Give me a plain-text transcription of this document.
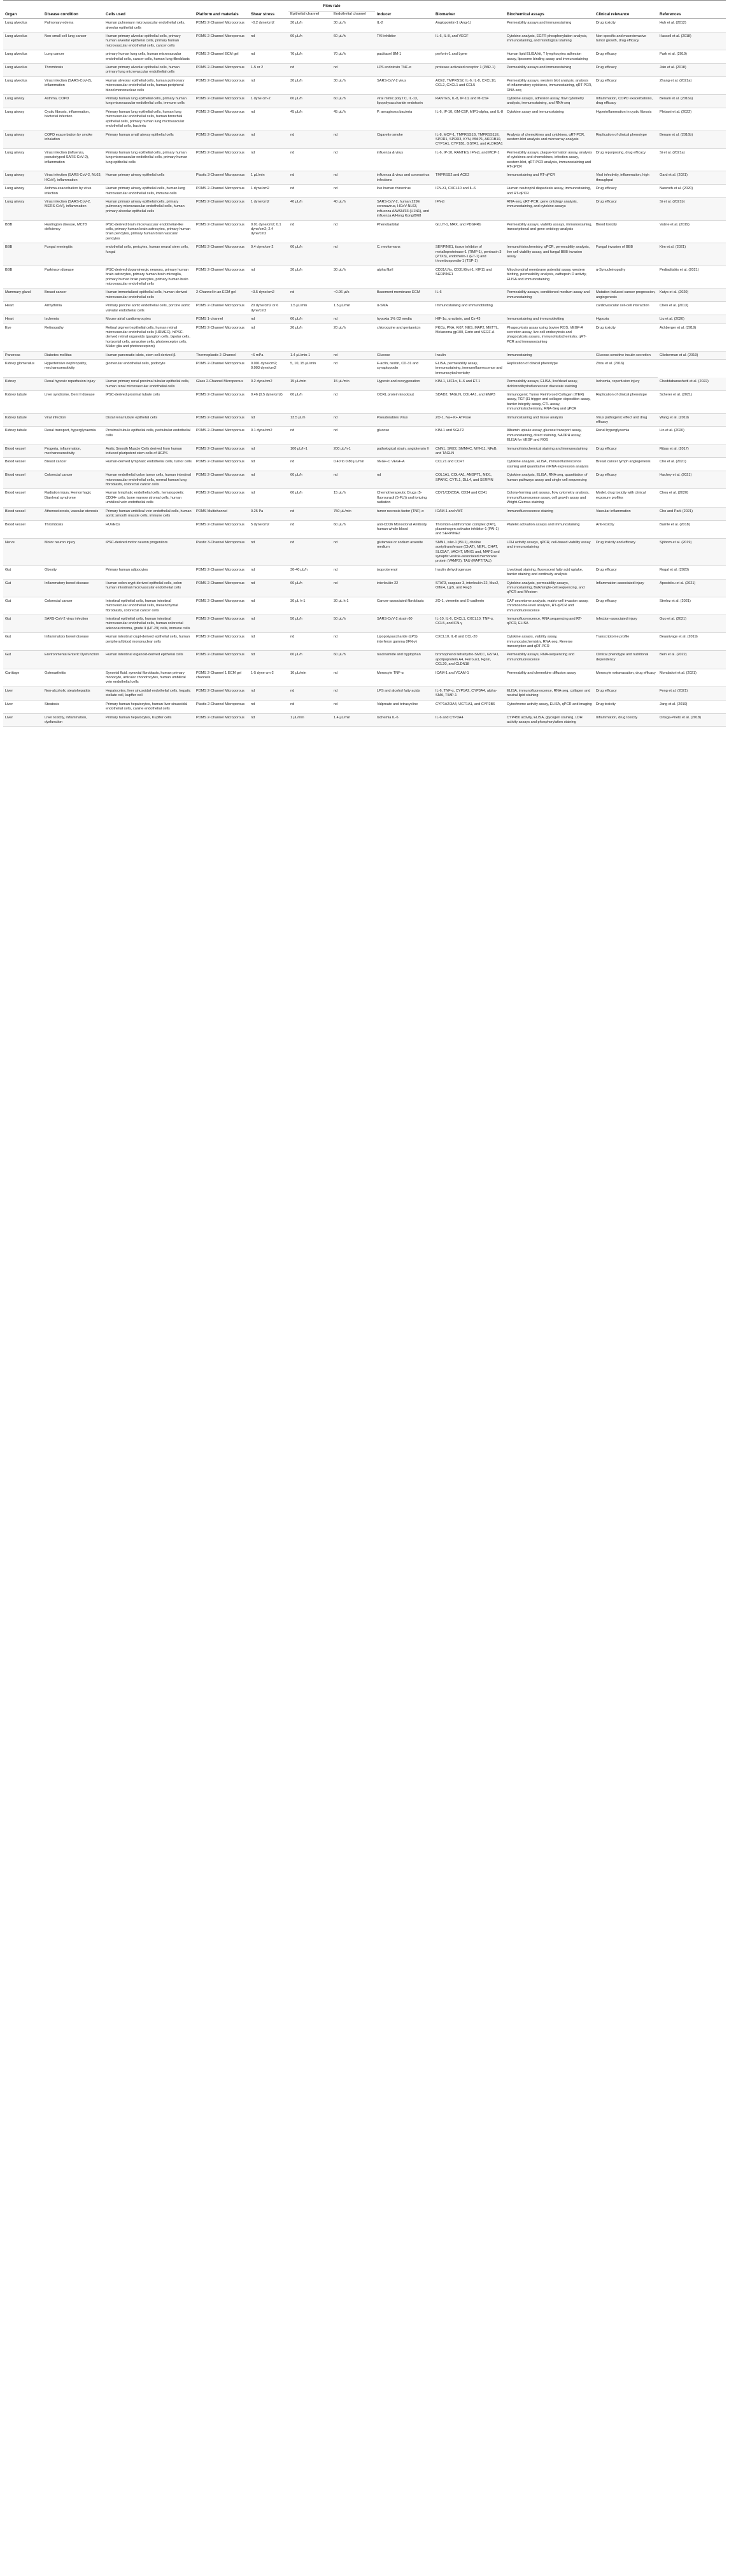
Organ	Disease condition	Cells used	Platform and materials	Shear stress	Flow rate		Inducer	Biomarker	Biochemical assays	Clinical relevance	References
					Epithelial channel	Endothelial channel					
Lung alveolus	Pulmonary edema	Human pulmonary microvascular endothelial cells, alveolar epithelial cells	PDMS 2-Channel Microporous	~0.2 dyne/cm2	30 μL/h	30 μL/h	IL-2	Angiopoietin-1 (Ang-1)	Permeability assays and immunostaining	Drug toxicity	Huh et al. (2012)
Lung alveolus	Non-small cell lung cancer	Human primary alveolar epithelial cells, primary human alveolar epithelial cells, primary human microvascular endothelial cells, cancer cells	PDMS 2-Channel Microporous	nd	60 μL/h	60 μL/h	TKI inhibitor	IL-6, IL-8, and VEGF	Cytokine analysis, EGFR phosphorylation analysis, immunostaining, and histological staining	Non-specific and macroinvasive tumor growth, drug efficacy	Hassell et al. (2018)
Lung alveolus	Lung cancer	primary human lung cells, human microvascular endothelial cells, cancer cells, human lung fibroblasts	PDMS 2-Channel ECM gel	nd	70 μL/h	70 μL/h	paclitaxel BM-1	perforin-1 and Lyme	Human lipid ELISA kit, T lymphocytes adhesion assay, liposome binding assay and immunostaining	Drug efficacy	Park et al. (2019)
Lung alveolus	Thrombosis	Human primary alveolar epithelial cells, human primary lung microvascular endothelial cells	PDMS 2-Channel Microporous	1-5 or 2	nd	nd	LPS endotoxin TNF-α	protease activated receptor 1 (PAR-1)	Permeability assays and immunostaining	Drug efficacy	Jain et al. (2018)
Lung alveolus	Virus infection (SARS-CoV-2), inflammation	Human alveolar epithelial cells, human pulmonary microvascular endothelial cells, human peripheral blood mononuclear cells	PDMS 2-Channel Microporous	nd	30 μL/h	30 μL/h	SARS-CoV-2 virus	ACE2, TMPRSS2, IL-6, IL-8, CXCL10, CCL2, CXCL1 and CCL5	Permeability assays, western blot analysis, analysis of inflammatory cytokines, immunostaining, qRT-PCR, RNA-seq	Drug efficacy	Zhang et al. (2021a)
Lung airway	Asthma, COPD	Primary human lung epithelial cells, primary human lung microvascular endothelial cells, immune cells	PDMS 2-Channel Microporous	1 dyne cm-2	60 μL/h	60 μL/h	viral mimic poly I:C, IL-13, lipopolysaccharide endotoxin	RANTES, IL-8, IP-10, and M-CSF	Cytokine assays, adhesion assay, flow cytometry analysis, immunostaining, and RNA-seq	Inflammation, COPD exacerbations, drug efficacy	Benam et al. (2016a)
Lung airway	Cystic fibrosis, inflammation, bacterial infection	Primary human lung epithelial cells, human lung microvascular endothelial cells, human bronchial epithelial cells, primary human lung microvascular endothelial cells, bacteria	PDMS 2-Channel Microporous	nd	45 μL/h	45 μL/h	P. aeruginosa bacteria	IL-6, IP-10, GM-CSF, MIP1-alpha, and IL-8	Cytokine assay and immunostaining	Hyperinflammation in cystic fibrosis	Plebani et al. (2022)
Lung airway	COPD exacerbation by smoke inhalation	Primary human small airway epithelial cells	PDMS 2-Channel Microporous	nd	nd	nd	Cigarette smoke	IL-8, MCP-1, TMPRSS1B, TMPRSS11E, SPRR1, SPRR3, KYN, MMP1, AKR1B10, CYP1A1, CYP1B1, GSTA1, and ALDH3A1	Analysis of chemokines and cytokines, qRT-PCR, western blot analysis and microarray analysis	Replication of clinical phenotype	Benam et al. (2016b)
Lung airway	Virus infection (influenza, pseudotyped SARS-CoV-2), inflammation	Primary human lung epithelial cells, primary human lung microvascular endothelial cells, primary human lung epithelial cells	PDMS 2-Channel Microporous	nd	nd	nd	influenza & virus	IL-6, IP-10, RANTES, IFN-β, and MCP-1	Permeability assays, plaque-formation assay, analysis of cytokines and chemokines, infection assay, western blot, qRT-PCR analysis, immunostaining and RT-qPCR	Drug repurposing, drug efficacy	Si et al. (2021a)
Lung airway	Virus infection (SARS-CoV-2, NL63, HCoV), inflammation	Human primary airway epithelial cells	Plastic 3-Channel Microporous	1 μL/min	nd	nd	influenza & virus and coronavirus infections	TMPRSS2 and ACE2	Immunostaining and RT-qPCR	Viral infectivity, inflammation, high throughput	Gard et al. (2021)
Lung airway	Asthma exacerbation by virus infection	Human primary airway epithelial cells, human lung microvascular endothelial cells, immune cells	PDMS 2-Channel Microporous	1 dyne/cm2	nd	nd	live human rhinovirus	IFN-λ1, CXCL10 and IL-6	Human neutrophil diapedesis assay, immunostaining, and RT-qPCR	Drug efficacy	Nawroth et al. (2020)
Lung airway	Virus infection (SARS-CoV-2, MERS-CoV), inflammation	Human primary airway epithelial cells, primary pulmonary microvascular endothelial cells, human primary alveolar epithelial cells	PDMS 2-Channel Microporous	1 dyne/cm2	40 μL/h	40 μL/h	SARS-CoV-2, human 229E coronavirus, HCoV-NL63, influenza A/WSN/33 (H1N1), and influenza A/Hong Kong/8/68	IFN-β	RNA-seq, qRT-PCR, gene ontology analysis, immunostaining, and cytokine assays	Drug efficacy	Si et al. (2021b)
BBB	Huntington disease, MCT8 deficiency	iPSC-derived brain microvascular endothelial-like cells, primary human brain astrocytes, primary human brain pericytes, primary human brain vascular pericytes	PDMS 2-Channel Microporous	0.01 dyne/cm2; 0.1 dyne/cm2; 2.4 dyne/cm2	nd	nd	Phenobarbital	GLUT-1, MAX, and PDGFRb	Permeability assays, viability assays, immunostaining, transcriptional and gene ontology analysis	Blood toxicity	Vatine et al. (2019)
BBB	Fungal meningitis	endothelial cells, pericytes, human neural stem cells, fungal	PDMS 2-Channel Microporous	0.4 dyne/cm-2	60 μL/h	nd	C. neoformans	SERPINE1, tissue inhibitor of metalloproteinase-1 (TIMP-1), pentraxin 3 (PTX3), endothelin-1 (ET-1) and thrombospondin-1 (TSP-1)	Immunohistochemistry, qPCR, permeability analysis, live cell viability assay, and fungal BBB invasion assay	Fungal invasion of BBB	Kim et al. (2021)
BBB	Parkinson disease	iPSC-derived dopaminergic neurons, primary human brain astrocytes, primary human brain microglia, primary human brain pericytes, primary human brain microvascular endothelial cells	PDMS 2-Channel Microporous	nd	30 μL/h	30 μL/h	alpha fibril	CD31/LNs, CD31/Glut-1, KIF11 and SERPINE1	Mitochondrial membrane potential assay, western blotting, permeability analysis, cathepsin D activity, ELISA and immunostaining	α-Synucleinopathy	Pediaditakis et al. (2021)
Mammary gland	Breast cancer	Human immortalized epithelial cells, human-derived microvascular endothelial cells	2-Channel in an ECM gel	~3.5 dyne/cm2	nd	~0.06 μl/s	Basement membrane ECM	IL-6	Permeability assays, conditioned medium assay and immunostaining	Mutation-induced cancer progression, angiogenesis	Kutys et al. (2020)
Heart	Arrhythmia	Primary porcine aortic endothelial cells, porcine aortic valvular endothelial cells	PDMS 2-Channel Microporous	20 dyne/cm2 or 6 dyne/cm2	1.5 μL/min	1.5 μL/min	α-SMA	Immunostaining and immunoblotting		cardiovascular cell-cell interaction	Chen et al. (2013)
Heart	Ischemia	Mouse atrial cardiomyocytes	PDMS 1-channel	nd	60 μL/h	nd	hypoxia 1% O2 media	HIF-1α, α-actinin, and Cx-43	Immunostaining and immunoblotting	Hypoxia	Liu et al. (2020)
Eye	Retinopathy	Retinal pigment epithelial cells, human retinal microvascular endothelial cells (HRMEC), hiPSC-derived retinal organoids (ganglion cells, bipolar cells, horizontal cells, amacrine cells, photoreceptor cells, Müller glia and photoreceptors)	PDMS 2-Channel Microporous	nd	20 μL/h	20 μL/h	chloroquine and gentamicin	PKCα, PNA, Ki67, NES, MAP2, METTL, Melanoma gp100, Ezrin and VEGF-A	Phagocytosis assay using bovine ROS, VEGF-A secretion assay, live cell endocytosis and phagocytosis assays, immunohistochemistry, qRT-PCR and immunostaining	Drug toxicity	Achberger et al. (2019)
Pancreas	Diabetes mellitus	Human pancreatic islets, stem cell derived β	Thermoplastic 2-Channel	~6 mPa	1.4 μL/min-1	nd	Glucose	Insulin	Immunostaining	Glucose-sensitive insulin secretion	Glieberman et al. (2019)
Kidney glomerulus	Hypertensive nephropathy, mechanosensitivity	glomerular endothelial cells, podocyte	PDMS 2-Channel Microporous	0.001 dyne/cm2; 0.003 dyne/cm2	5, 10, 15 μL/min	nd	F-actin, nestin, CD-31 and synaptopodin	ELISA, permeability assay, immunostaining, immunofluorescence and immunocytochemistry	Replication of clinical phenotype	Zhou et al. (2016)	
Kidney	Renal hypoxic reperfusion injury	Human primary renal proximal tubular epithelial cells, human renal microvascular endothelial cells	Glass 2-Channel Microporous	0.2 dyne/cm2	15 μL/min	15 μL/min	Hypoxic and reoxygenation	KIM-1, HIF1α, IL-6 and ET-1	Permeability assays, ELISA, live/dead assay, dichlorodihydrofluorescein diacetate staining	Ischemia, reperfusion injury	Cheddabanushetti et al. (2022)
Kidney tubule	Liver syndrome, Dent II disease	iPSC-derived proximal tubule cells	PDMS 2-Channel Microporous	0.46 (0.5 dyne/cm2)	60 μL/h	nd	OCRL protein knockout	SDAD2, TAGLN, COL4A1, and EMP3	Immunogenic Tumor Reinforced Collagen (ITER) assay, TGF-β1 trigger and collagen deposition assay, barrier integrity assay, CTL assay, immunohistochemistry, RNA-Seq and qPCR	Replication of clinical phenotype	Scherer et al. (2021)
Kidney tubule	Viral infection	Distal renal tubule epithelial cells	PDMS 2-Channel Microporous	nd	13.5 μL/h	nd	Pseudorabies Virus	ZO-1, Na+-K+ ATPase	Immunostaining and tissue analysis	Virus pathogenic effect and drug efficacy	Wang et al. (2019)
Kidney tubule	Renal transport, hyperglycaemia	Proximal tubule epithelial cells, peritubular endothelial cells	PDMS 2-Channel Microporous	0.1 dyne/cm2	nd	nd	glucose	KIM-1 and SGLT2	Albumin uptake assay, glucose transport assay, immunostaining, direct staining, NADPH assay, ELISA for VEGF and ROS	Renal hyperglycemia	Lin et al. (2020)
Blood vessel	Progeria, inflammation, mechanosensitivity	Aortic Smooth Muscle Cells derived from human induced pluripotent stem cells of HGPS	PDMS 2-Channel Microporous	nd	100 μL/h-1	200 μL/h-1	pathological strain, angiotensin II	CNN1, SM22, SMMHC, MYH11, NFκB, and TAGLN	Immunohistochemical staining and immunostaining	Drug efficacy	Ribas et al. (2017)
Blood vessel	Breast cancer	Human-derived lymphatic endothelial cells, tumor cells	PDMS 2-Channel Microporous	nd	nd	0.40 to 0.80 μL/min	VEGF-C VEGF-A	CCL21 and CCR7	Cytokine analysis, ELISA, immunofluorescence staining and quantitative mRNA expression analysis	Breast cancer lymph angiogenesis	Cho et al. (2021)
Blood vessel	Colorectal cancer	Human endothelial colon tumor cells, human intestinal microvascular endothelial cells, normal human lung fibroblasts, colorectal cancer cells	PDMS 2-Channel Microporous	nd	60 μL/h	nd	nd	COL1A1, COL4A1, ANGPT1, NID1, SPARC, CYTL1, DLL4, and SERPIN	Cytokine analysis, ELISA, RNA-seq, quantitation of human pathways assay and single cell sequencing	Drug efficacy	Hachey et al. (2021)
Blood vessel	Radiation injury, Hemorrhagic Diarrheal syndrome	Human lymphatic endothelial cells, hematopoietic CD34+ cells, bone marrow stromal cells, human umbilical vein endothelial cells	PDMS 2-Channel Microporous	nd	60 μL/h	15 μL/h	Chemotherapeutic Drugs (5-fluorouracil (5-FU)) and ionizing radiation	CD71/CD235A, CD34 and CD41	Colony-forming unit assays, flow cytometry analysis, immunofluorescence assay, cell growth assay and Wright-Giemsa staining	Model, drug toxicity with clinical exposure profiles	Chou et al. (2020)
Blood vessel	Atherosclerosis, vascular stenosis	Primary human umbilical vein endothelial cells, human aortic smooth muscle cells, immune cells	PDMS Multichannel	0.25 Pa	nd	750 μL/min	tumor necrosis factor (TNF)-α	ICAM-1 and vWF	Immunofluorescence staining	Vascular inflammation	Cho and Park (2021)
Blood vessel	Thrombosis	HUVECs	PDMS 2-Channel Microporous	5 dyne/cm2	nd	60 μL/h	anti-CD36 Monoclonal Antibody human whole blood	Thrombin-antithrombin complex (TAT), plasminogen activator inhibitor-1 (PAI-1) and SERPINE2	Platelet activation assays and immunostaining	Anti-toxicity	Barrile et al. (2018)
Nerve	Motor neuron injury	iPSC-derived motor neuron progenitors	Plastic 3-Channel Microporous	nd	nd	nd	glutamate or sodium arsenite medium	SMN1, islet-1 (ISL1), choline acetyltransferase (ChAT), NEFL, CHAT, SLC5A7, VACHT, MNX1 and, MAP2 and synaptic vesicle-associated membrane protein (VAMP2), TAU (MAPT/TAU)	LDH activity assays, qPCR, cell-based viability assay and immunostaining	Drug toxicity and efficacy	Sjöbom et al. (2019)
Gut	Obesity	Primary human adipocytes	PDMS 2-Channel Microporous	nd	30-40 μL/h	nd	isoproterenol	Insulin dehydrogenase	Live/dead staining, fluorescent fatty acid uptake, barrier staining and continuity analysis	Drug efficacy	Rogal et al. (2020)
Gut	Inflammatory bowel disease	Human colon crypt-derived epithelial cells, colon human intestinal microvascular endothelial cells	PDMS 2-Channel Microporous	nd	60 μL/h	nd	interleukin 22	STAT3, caspase 3, interleukin 22, Muc2, Olfm4, Lgr5, and Reg3	Cytokine analysis, permeability assays, immunostaining, Bulk/single-cell sequencing, and qPCR and Western	Inflammation-associated injury	Apostolou et al. (2021)
Gut	Colorectal cancer	Intestinal epithelial cells, human intestinal microvascular endothelial cells, mesenchymal fibroblasts, colorectal cancer cells	PDMS 2-Channel Microporous	nd	30 μL h-1	30 μL h-1	Cancer-associated fibroblasts	ZO-1, vimentin and E-cadherin	CAF secretome analysis, matrix-cell invasion assay, chromosome-level analysis, RT-qPCR and immunofluorescence	Drug efficacy	Strelez et al. (2021)
Gut	SARS-CoV-2 virus infection	Intestinal epithelial cells, human intestinal microvascular endothelial cells, human colorectal adenocarcinoma, grade II (HT-29) cells, immune cells	PDMS 2-Channel Microporous	nd	50 μL/h	50 μL/h	SARS-CoV-2 strain 60	IL-10, IL-6, CXCL1, CXCL10, TNF-α, CCL5, and IFN-γ	Immunofluorescence, RNA sequencing and RT-qPCR, ELISA	Infection-associated injury	Guo et al. (2021)
Gut	Inflammatory bowel disease	Human intestinal crypt-derived epithelial cells, human peripheral blood mononuclear cells	PDMS 2-Channel Microporous	nd	nd	nd	Lipopolysaccharide (LPS) interferon gamma (IFN-γ)	CXCL10, IL-8 and CCL-20	Cytokine assays, viability assay, immunocytochemistry, RNA-seq, Reverse transcription and qRT-PCR	Transcriptome profile	Beaurivage et al. (2019)
Gut	Environmental Enteric Dysfunction	Human intestinal organoid-derived epithelial cells	PDMS 2-Channel Microporous	nd	60 μL/h	60 μL/h	niacinamide and tryptophan	bromophenol tetrahydro-SMCC, GSTA1, apolipoprotein A4, Ferrous1, Fgnin, CCL20, and CLDN18	Permeability assays, RNA-sequencing and immunofluorescence	Clinical phenotype and nutritional dependency	Bein et al. (2022)
Cartilage	Osteoarthritis	Synovial fluid, synovial fibroblasts, human primary monocyte, articular chondrocytes, human umbilical vein endothelial cells	PDMS 2-Channel 1 ECM gel channels	1-5 dyne cm-2	10 μL/min	nd	Monocyte TNF-α	ICAM-1 and VCAM-1	Permeability and chemokine diffusion assay	Monocyte extravasation, drug efficacy	Mondadori et al. (2021)
Liver	Non-alcoholic steatohepatitis	Hepatocytes, liver sinusoidal endothelial cells, hepatic stellate cell, kupffer cell	PDMS 2-Channel Microporous	nd	nd	nd	LPS and alcohol fatty acids	IL-6, TNF-α, CYP1A2, CYP3A4, alpha-SMA, TIMP-1	ELISA, immunofluorescence, RNA-seq, collagen and neutral lipid staining	Drug efficacy	Feng et al. (2021)
Liver	Steatosis	Primary human hepatocytes, human liver sinusoidal endothelial cells, canine endothelial cells	Plastic 2-Channel Microporous	nd	nd	nd	Valproate and tetracycline	CYP1A2/3A4, UGT1A1, and CYP2B6	Cytochrome activity assay, ELISA, qPCR and imaging	Drug toxicity	Jang et al. (2019)
Liver	Liver toxicity, inflammation, dysfunction	Primary human hepatocytes, Kupffer cells	PDMS 2-Channel Microporous	nd	1 μL/min	1.4 μL/min	Ischemia IL-6	IL-6 and CYP3A4	CYP450 activity, ELISA, glycogen staining, LDH activity assays and phosphorylation staining	Inflammation, drug toxicity	Ortega-Prieto et al. (2018)
